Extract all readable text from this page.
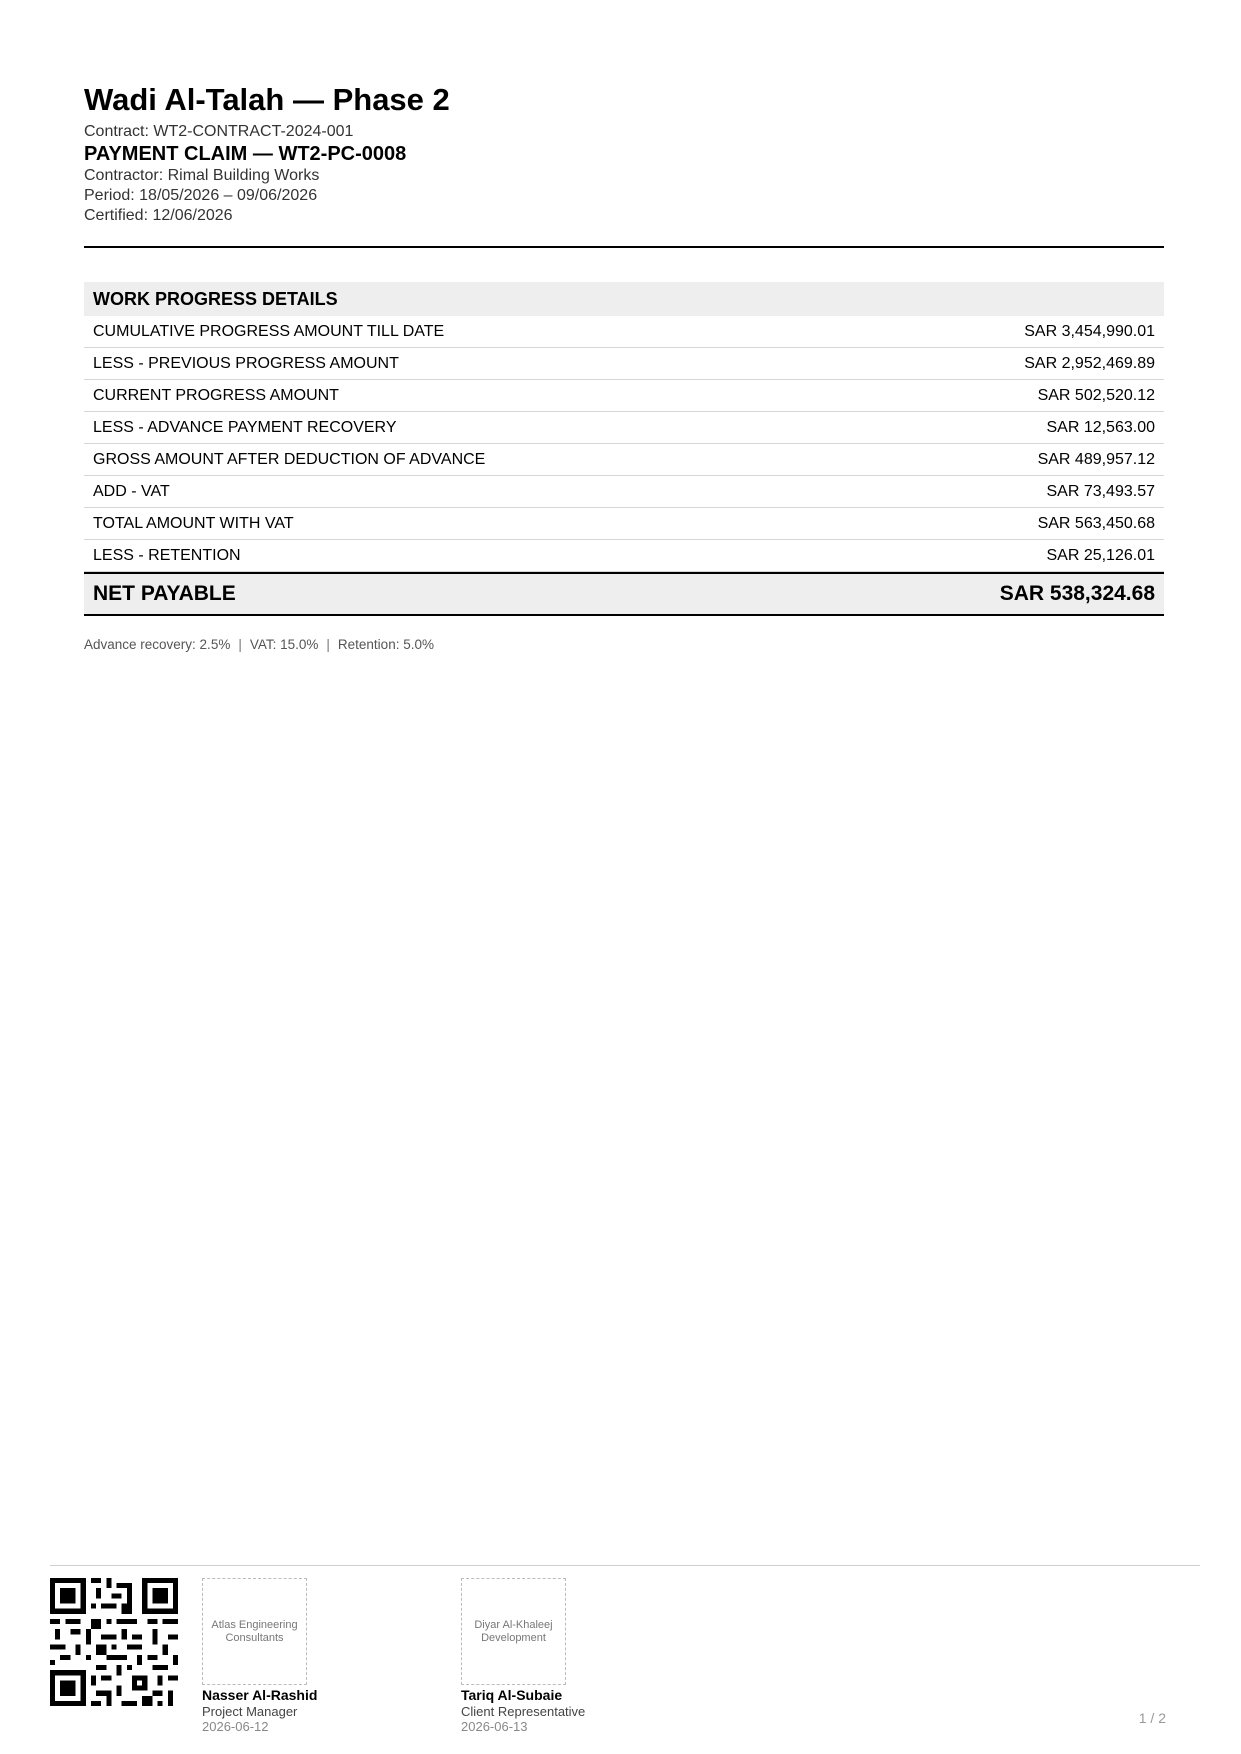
Wadi Al-Talah — Phase 2
Contract: WT2-CONTRACT-2024-001
PAYMENT CLAIM — WT2-PC-0008
Contractor: Rimal Building Works
Period: 18/05/2026 – 09/06/2026
Certified: 12/06/2026
WORK PROGRESS DETAILS
CUMULATIVE PROGRESS AMOUNT TILL DATE	SAR 3,454,990.01
LESS - PREVIOUS PROGRESS AMOUNT	SAR 2,952,469.89
CURRENT PROGRESS AMOUNT	SAR 502,520.12
LESS - ADVANCE PAYMENT RECOVERY	SAR 12,563.00
GROSS AMOUNT AFTER DEDUCTION OF ADVANCE	SAR 489,957.12
ADD - VAT	SAR 73,493.57
TOTAL AMOUNT WITH VAT	SAR 563,450.68
LESS - RETENTION	SAR 25,126.01
NET PAYABLE	SAR 538,324.68
Advance recovery: 2.5% | VAT: 15.0% | Retention: 5.0%
Atlas Engineering Consultants
Nasser Al-Rashid
Project Manager
2026-06-12
Diyar Al-Khaleej Development
Tariq Al-Subaie
Client Representative
2026-06-13
1 / 2
